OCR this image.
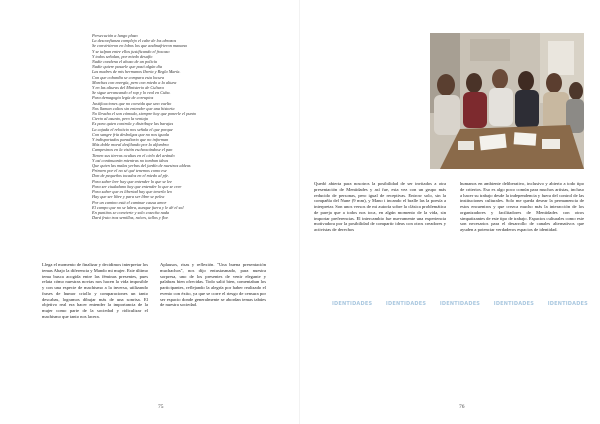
Persecución a lungo plazo
La desconfianza complejo el cabe de los abrazos
Se convirtieron en lobos los que andinafrieron manana
Y se talpan entre ellos justificando el fracaso
Y todos señalan, por miedo desafío
Nadie condena el abuso de un policía
Nadie quiere pasarle que pasó algún día
Las madres de mis hermanos Iberia y Regla María.
Con que cobardía se compara esta locura
Marchas con energía, pero con miedo a la altura
Y en las alturas del Ministerio de Cultura
Se sigue arrancando el rap y lo real en Cuba.
Pura demagogia legía de corruptos
Justificaciones que no convida que uno vuelto
Nos llaman cultos sin entender que una historia
No llevaba el son cómoda, siempre hay que ponerle el punto
Cierto al asunto, pero la ventaja
Es para quien controla y distribuye las barajas
La cajada el reloticio nos señala el que porque
Con sangre fría desbolgas que no nos iguala
Y indisportados paradiario que no informan
Más doble moral desfilando por la alfombra
Campesinos en la visión escheacándose el pan
Tienen sus tierras ocultas en el cielo del arándo
Y así continuarán mientras no tomban ideas
Que quien las malas yerbas del jardín de nuestras aldeas
Primero por el no sé qué tenemos como ese
Don de pequeños tocados en el miedo al pfe.
Para saber leer hay que entender lo que se lee
Para ser ciudadano hay que entender lo que se cree
Para saber que es libertad hay que tenerla leo
Hay que ser libre y para ser libre se pelea
Por un camino está el caminar causa amor
El campo que no se labra, aunque fuera y le dé el sol
En puntitos se convierte y solo cosecha nada
Dará fruto tras semillas, raíces, tallos y flor.

Llega el momento de finalizar y decidimos interpretar los temas Abajo la diferencia y Mando mi mujer. Este último tema busca acogida entre las féminas presentes, pues relata cómo nuestras novias nos hacen la vida imposible y con una especie de machismo a la inversa, utilizando frases de humor criollo y comparaciones un tanto descabas, logramos dibujar más de una sonrisa. El objetivo real era hacer entender la importancia de la mujer como parte de la sociedad y ridiculizar el machismo que tanto nos lacera.

Aplausos, risas y reflexión. "Una buena presentación muchachos", nos dijo entusiasmado, para nuestra sorpresa, uno de los presentes de venir elegante y palabras bien ofrecidas. Todo salió bien, comentaban los participantes, reflejando la alegría por haber realizado el evento con éxito, ya que se corre el riesgo de censura por ser espacio donde generalmente se abordan temas tabúes de nuestra sociedad.

75

Quedó abierta para nosotros la posibilidad de ser invitados a otra presentación de Mentidades y así fue, esta vez con un grupo más reducido de personas, pero igual de receptivas. Entrow solo, sin la compañía del Nune (9 mm), y Mano i incando el bralle las la poesía a interpretar. Son unos versos de mi autoría sobre la clásica problemática de pareja que a todos nos toca, en algún momento de la vida, sin importar preferencias. El intercambio fue nuevamente una experiencia motivadora por la posibilidad de compartir ideas con otros creadores y activistas de derechos

humanos en ambiente deliberativo, inclusivo y abierto a todo tipo de criterios. Eso es algo poco común para muchos artistas, incluso a hacer su trabajo desde la independencia y fuera del control de las instituciones culturales. Solo me queda desear la permanencia de estos encuentros y que crezca mucho más la interacción de los organizadores y facilitadores de Mentidades con otros simpatizantes de este tipo de trabajo. Espacios culturales como este son necesarios para el desarrollo de canales alternativos que ayuden a potenciar verdaderos espacios de identidad.

IDENTIDADES	IDENTIDADES	IDENTIDADES	IDENTIDADES	IDENTIDADES
76
